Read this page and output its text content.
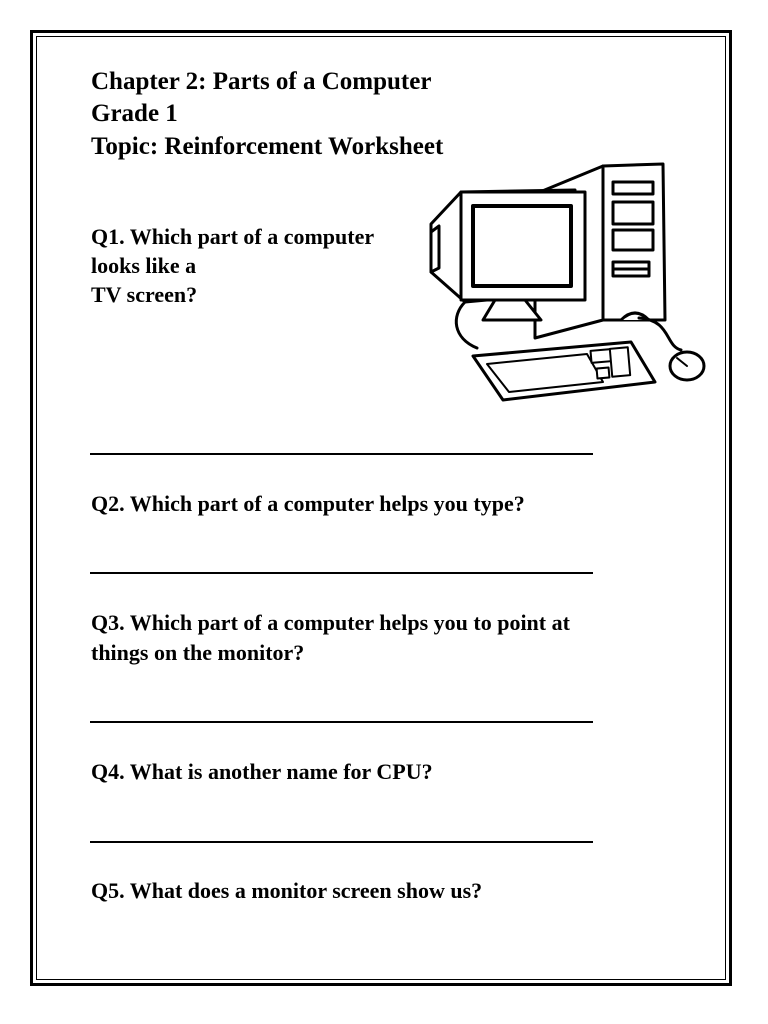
Chapter 2: Parts of a Computer
Grade 1
Topic: Reinforcement Worksheet
Q1. Which part of a computer
looks like a
TV screen?
Q2. Which part of a computer helps you type?
Q3. Which part of a computer helps you to point at
things on the monitor?
Q4. What is another name for CPU?
Q5. What does a monitor screen show us?
